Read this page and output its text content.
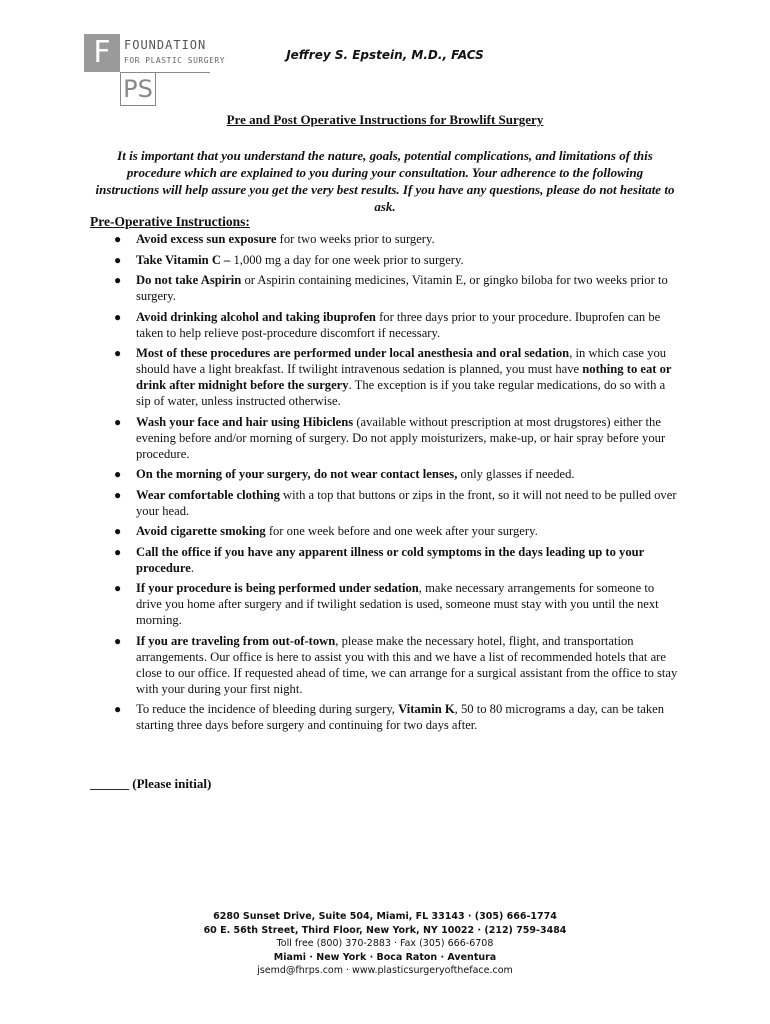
F	FOUNDATION
FOR PLASTIC SURGERY
PS
Jeffrey S. Epstein, M.D., FACS
Pre and Post Operative Instructions for Browlift Surgery
It is important that you understand the nature, goals, potential complications, and limitations of this procedure which are explained to you during your consultation. Your adherence to the following instructions will help assure you get the very best results. If you have any questions, please do not hesitate to ask.
Pre-Operative Instructions:
● Avoid excess sun exposure for two weeks prior to surgery.
● Take Vitamin C – 1,000 mg a day for one week prior to surgery.
● Do not take Aspirin or Aspirin containing medicines, Vitamin E, or gingko biloba for two weeks prior to surgery.
● Avoid drinking alcohol and taking ibuprofen for three days prior to your procedure. Ibuprofen can be taken to help relieve post-procedure discomfort if necessary.
● Most of these procedures are performed under local anesthesia and oral sedation, in which case you should have a light breakfast. If twilight intravenous sedation is planned, you must have nothing to eat or drink after midnight before the surgery. The exception is if you take regular medications, do so with a sip of water, unless instructed otherwise.
● Wash your face and hair using Hibiclens (available without prescription at most drugstores) either the evening before and/or morning of surgery. Do not apply moisturizers, make-up, or hair spray before your procedure.
● On the morning of your surgery, do not wear contact lenses, only glasses if needed.
● Wear comfortable clothing with a top that buttons or zips in the front, so it will not need to be pulled over your head.
● Avoid cigarette smoking for one week before and one week after your surgery.
● Call the office if you have any apparent illness or cold symptoms in the days leading up to your procedure.
● If your procedure is being performed under sedation, make necessary arrangements for someone to drive you home after surgery and if twilight sedation is used, someone must stay with you until the next morning.
● If you are traveling from out-of-town, please make the necessary hotel, flight, and transportation arrangements. Our office is here to assist you with this and we have a list of recommended hotels that are close to our office. If requested ahead of time, we can arrange for a surgical assistant from the office to stay with your during your first night.
● To reduce the incidence of bleeding during surgery, Vitamin K, 50 to 80 micrograms a day, can be taken starting three days before surgery and continuing for two days after.
______ (Please initial)
6280 Sunset Drive, Suite 504, Miami, FL 33143 · (305) 666-1774
60 E. 56th Street, Third Floor, New York, NY 10022 · (212) 759-3484
Toll free (800) 370-2883 · Fax (305) 666-6708
Miami · New York · Boca Raton · Aventura
jsemd@fhrps.com · www.plasticsurgeryoftheface.com
